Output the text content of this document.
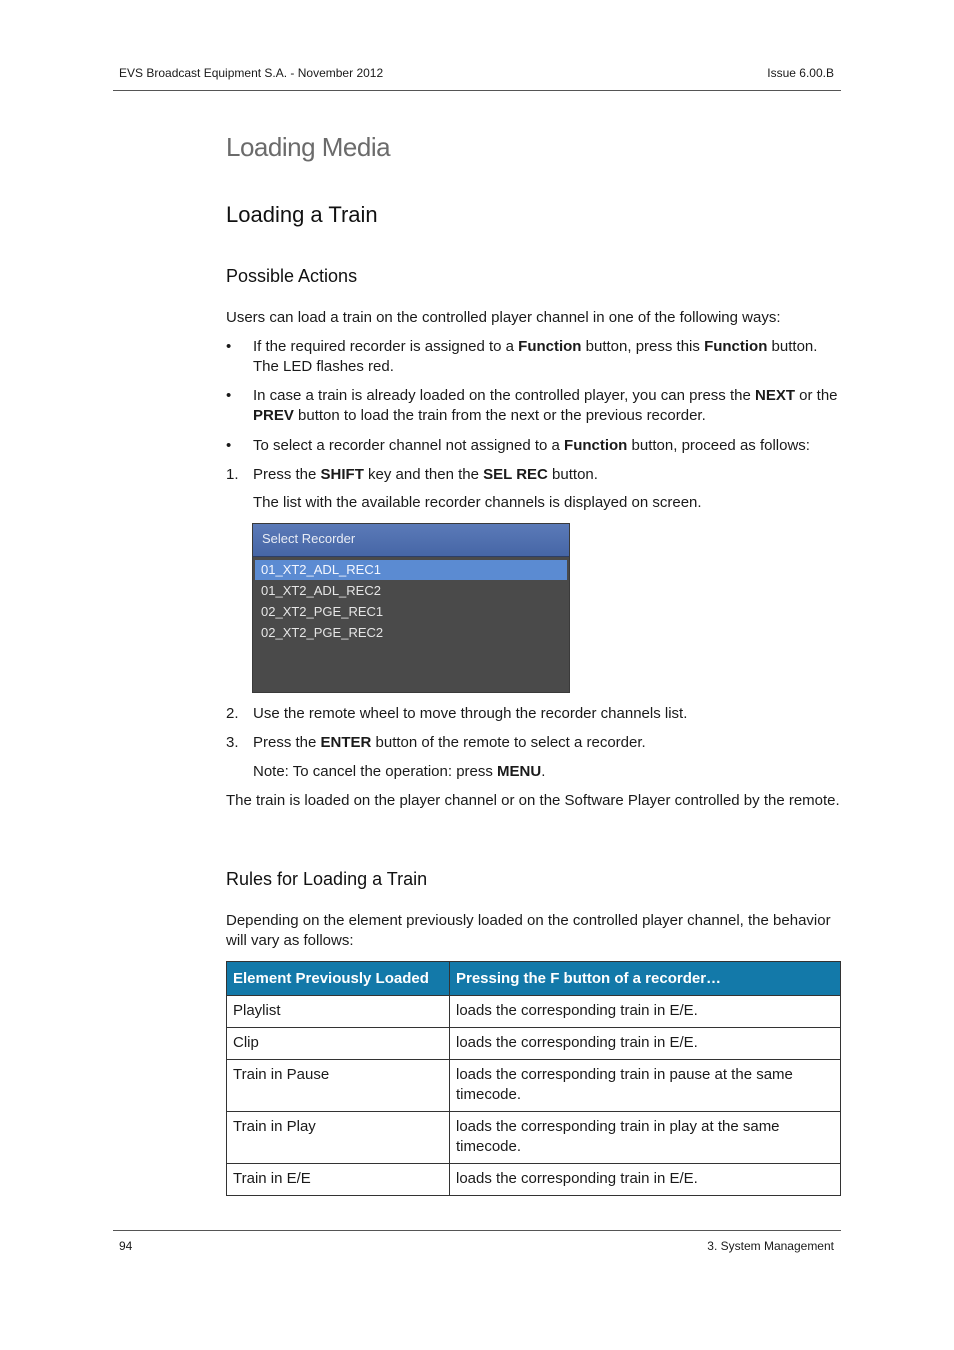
EVS Broadcast Equipment S.A. - November 2012	Issue 6.00.B
Loading Media
Loading a Train
Possible Actions

Users can load a train on the controlled player channel in one of the following ways:

•	If the required recorder is assigned to a Function button, press this Function button. The LED flashes red.
•	In case a train is already loaded on the controlled player, you can press the NEXT or the PREV button to load the train from the next or the previous recorder.
•	To select a recorder channel not assigned to a Function button, proceed as follows:
1. Press the SHIFT key and then the SEL REC button.

The list with the available recorder channels is displayed on screen.

Select Recorder
01_XT2_ADL_REC1
01_XT2_ADL_REC2
02_XT2_PGE_REC1
02_XT2_PGE_REC2
2. Use the remote wheel to move through the recorder channels list.
3. Press the ENTER button of the remote to select a recorder.

Note: To cancel the operation: press MENU.

The train is loaded on the player channel or on the Software Player controlled by the remote.

Rules for Loading a Train

Depending on the element previously loaded on the controlled player channel, the behavior will vary as follows:

Element Previously Loaded	Pressing the F button of a recorder…
Playlist	loads the corresponding train in E/E.
Clip	loads the corresponding train in E/E.
Train in Pause	loads the corresponding train in pause at the same timecode.
Train in Play	loads the corresponding train in play at the same timecode.
Train in E/E	loads the corresponding train in E/E.
94	3. System Management
